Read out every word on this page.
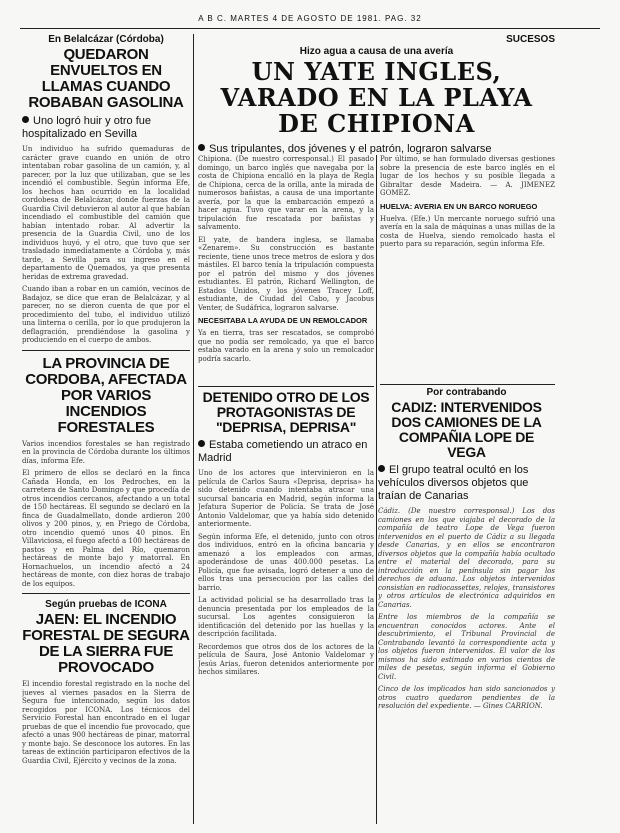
A B C. MARTES 4 DE AGOSTO DE 1981. PAG. 32
SUCESOS
En Belalcázar (Córdoba)
QUEDARON ENVUELTOS EN LLAMAS CUANDO ROBABAN GASOLINA
Uno logró huir y otro fue hospitalizado en Sevilla

Un individuo ha sufrido quemaduras de carácter grave cuando en unión de otro intentaban robar gasolina de un camión, y, al parecer, por la luz que utilizaban, que se les incendió el combustible. Según informa Efe, los hechos han ocurrido en la localidad cordobesa de Belalcázar, donde fuerzas de la Guardia Civil detuvieron al autor al que habían incendiado el combustible del camión que habían intentado robar. Al advertir la presencia de la Guardia Civil, uno de los individuos huyó, y el otro, que tuvo que ser trasladado inmediatamente a Córdoba y, más tarde, a Sevilla para su ingreso en el departamento de Quemados, ya que presenta heridas de extrema gravedad.

Cuando iban a robar en un camión, vecinos de Badajoz, se dice que eran de Belalcázar, y al parecer, no se dieron cuenta de que por el procedimiento del tubo, el individuo utilizó una linterna o cerilla, por lo que produjeron la deflagración, prendiéndose la gasolina y produciendo en el cuerpo de ambos.

LA PROVINCIA DE CORDOBA, AFECTADA POR VARIOS INCENDIOS FORESTALES

Varios incendios forestales se han registrado en la provincia de Córdoba durante los últimos días, informa Efe.

El primero de ellos se declaró en la finca Cañada Honda, en los Pedroches, en la carretera de Santo Domingo y que procedía de otros incendios cercanos, afectando a un total de 150 hectáreas. El segundo se declaró en la finca de Guadalmellato, donde ardieron 200 olivos y 200 pinos, y, en Priego de Córdoba, otro incendio quemó unos 40 pinos. En Villaviciosa, el fuego afectó a 100 hectáreas de pastos y en Palma del Río, quemaron hectáreas de monte bajo y matorral. En Hornachuelos, un incendio afectó a 24 hectáreas de monte, con diez horas de trabajo de los equipos.

Según pruebas de ICONA
JAEN: EL INCENDIO FORESTAL DE SEGURA DE LA SIERRA FUE PROVOCADO

El incendio forestal registrado en la noche del jueves al viernes pasados en la Sierra de Segura fue intencionado, según los datos recogidos por ICONA. Los técnicos del Servicio Forestal han encontrado en el lugar pruebas de que el incendio fue provocado, que afectó a unas 900 hectáreas de pinar, matorral y monte bajo. Se desconoce los autores. En las tareas de extinción participaron efectivos de la Guardia Civil, Ejército y vecinos de la zona.

Hizo agua a causa de una avería
UN YATE INGLES, VARADO EN LA PLAYA DE CHIPIONA
Sus tripulantes, dos jóvenes y el patrón, lograron salvarse

Chipiona. (De nuestro corresponsal.) El pasado domingo, un barco inglés que navegaba por la costa de Chipiona encalló en la playa de Regla de Chipiona, cerca de la orilla, ante la mirada de numerosos bañistas, a causa de una importante avería, por la que la embarcación empezó a hacer agua. Tuvo que varar en la arena, y la tripulación fue rescatada por bañistas y salvamento.

El yate, de bandera inglesa, se llamaba «Zenarem». Su construcción es bastante reciente, tiene unos trece metros de eslora y dos mástiles. El barco tenía la tripulación compuesta por el patrón del mismo y dos jóvenes estudiantes. El patrón, Richard Wellington, de Estados Unidos, y los jóvenes Tracey Loff, estudiante, de Ciudad del Cabo, y Jacobus Venter, de Sudáfrica, lograron salvarse.

NECESITABA LA AYUDA DE UN REMOLCADOR

Ya en tierra, tras ser rescatados, se comprobó que no podía ser remolcado, ya que el barco estaba varado en la arena y solo un remolcador podría sacarlo.

Por último, se han formulado diversas gestiones sobre la presencia de este barco inglés en el lugar de los hechos y su posible llegada a Gibraltar desde Madeira. — A. JIMENEZ GOMEZ.

HUELVA: AVERIA EN UN BARCO NORUEGO

Huelva. (Efe.) Un mercante noruego sufrió una avería en la sala de máquinas a unas millas de la costa de Huelva, siendo remolcado hasta el puerto para su reparación, según informa Efe.

DETENIDO OTRO DE LOS PROTAGONISTAS DE "DEPRISA, DEPRISA"
Estaba cometiendo un atraco en Madrid

Uno de los actores que intervinieron en la película de Carlos Saura «Deprisa, deprisa» ha sido detenido cuando intentaba atracar una sucursal bancaria en Madrid, según informa la Jefatura Superior de Policía. Se trata de José Antonio Valdelomar, que ya había sido detenido anteriormente.

Según informa Efe, el detenido, junto con otros dos individuos, entró en la oficina bancaria y amenazó a los empleados con armas, apoderándose de unas 400.000 pesetas. La Policía, que fue avisada, logró detener a uno de ellos tras una persecución por las calles del barrio.

La actividad policial se ha desarrollado tras la denuncia presentada por los empleados de la sucursal. Los agentes consiguieron la identificación del detenido por las huellas y la descripción facilitada.

Recordemos que otros dos de los actores de la película de Saura, José Antonio Valdelomar y Jesús Arias, fueron detenidos anteriormente por hechos similares.

Por contrabando
CADIZ: INTERVENIDOS DOS CAMIONES DE LA COMPAÑIA LOPE DE VEGA
El grupo teatral ocultó en los vehículos diversos objetos que traían de Canarias

Cádiz. (De nuestro corresponsal.) Los dos camiones en los que viajaba el decorado de la compañía de teatro Lope de Vega fueron intervenidos en el puerto de Cádiz a su llegada desde Canarias, y en ellos se encontraron diversos objetos que la compañía había ocultado entre el material del decorado, para su introducción en la península sin pagar los derechos de aduana. Los objetos intervenidos consistían en radiocassettes, relojes, transistores y otros artículos de electrónica adquiridos en Canarias.

Entre los miembros de la compañía se encuentran conocidos actores. Ante el descubrimiento, el Tribunal Provincial de Contrabando levantó la correspondiente acta y los objetos fueron intervenidos. El valor de los mismos ha sido estimado en varios cientos de miles de pesetas, según informa el Gobierno Civil.

Cinco de los implicados han sido sancionados y otros cuatro quedaron pendientes de la resolución del expediente. — Gines CARRION.
